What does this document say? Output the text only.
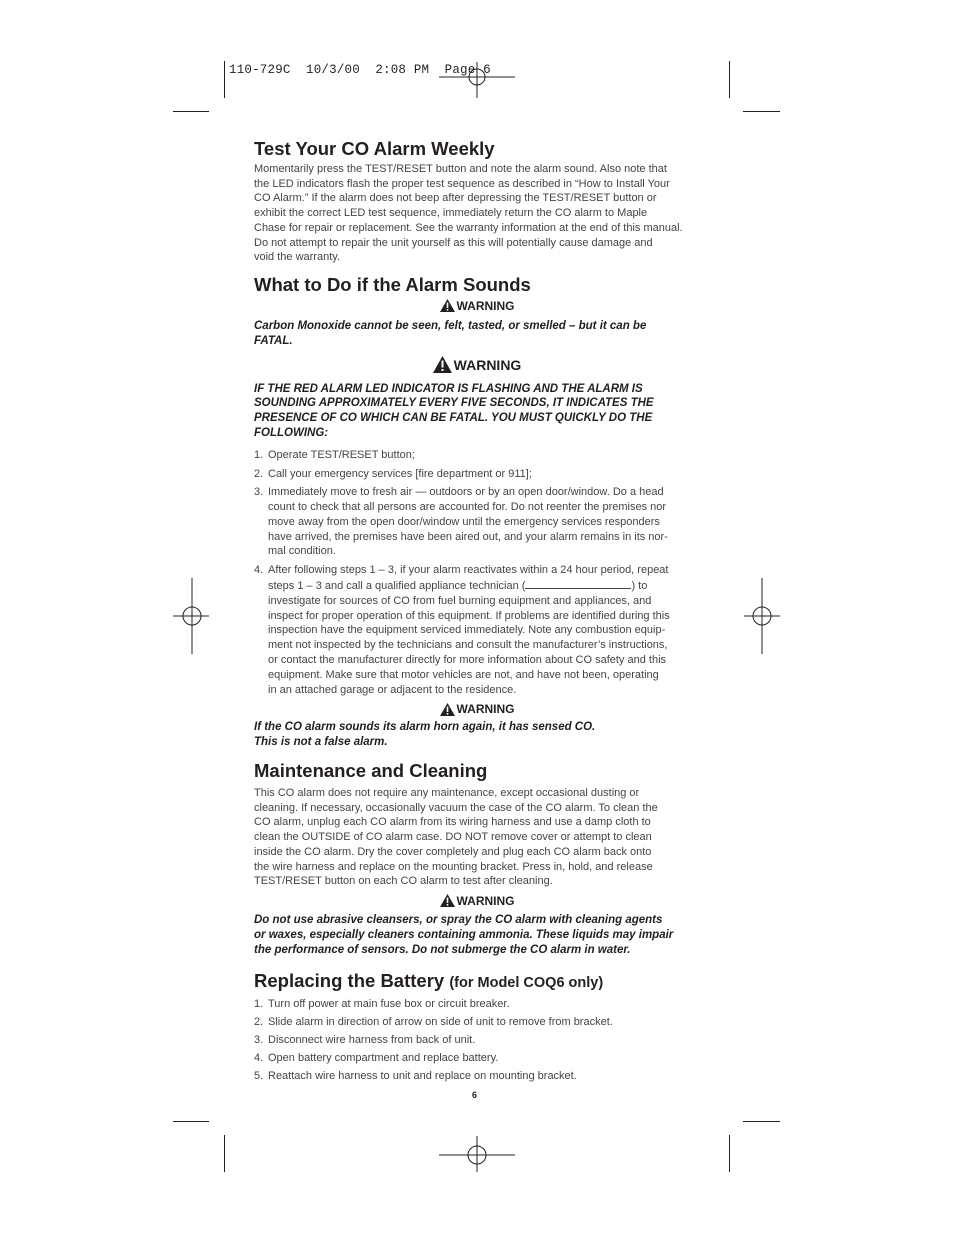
110-729C  10/3/00  2:08 PM  Page 6
Test Your CO Alarm Weekly

Momentarily press the TEST/RESET button and note the alarm sound. Also note that
the LED indicators flash the proper test sequence as described in “How to Install Your
CO Alarm.” If the alarm does not beep after depressing the TEST/RESET button or
exhibit the correct LED test sequence, immediately return the CO alarm to Maple
Chase for repair or replacement. See the warranty information at the end of this manual.
Do not attempt to repair the unit yourself as this will potentially cause damage and
void the warranty.

What to Do if the Alarm Sounds
WARNING

Carbon Monoxide cannot be seen, felt, tasted, or smelled – but it can be
FATAL.

WARNING

IF THE RED ALARM LED INDICATOR IS FLASHING AND THE ALARM IS
SOUNDING APPROXIMATELY EVERY FIVE SECONDS, IT INDICATES THE
PRESENCE OF CO WHICH CAN BE FATAL. YOU MUST QUICKLY DO THE
FOLLOWING:

1. Operate TEST/RESET button;
2. Call your emergency services [fire department or 911];
3. Immediately move to fresh air — outdoors or by an open door/window. Do a head
count to check that all persons are accounted for. Do not reenter the premises nor
move away from the open door/window until the emergency services responders
have arrived, the premises have been aired out, and your alarm remains in its nor-
mal condition.
4. After following steps 1 – 3, if your alarm reactivates within a 24 hour period, repeat
steps 1 – 3 and call a qualified appliance technician (	) to
investigate for sources of CO from fuel burning equipment and appliances, and
inspect for proper operation of this equipment. If problems are identified during this
inspection have the equipment serviced immediately. Note any combustion equip-
ment not inspected by the technicians and consult the manufacturer’s instructions,
or contact the manufacturer directly for more information about CO safety and this
equipment. Make sure that motor vehicles are not, and have not been, operating
in an attached garage or adjacent to the residence.
WARNING

If the CO alarm sounds its alarm horn again, it has sensed CO.
This is not a false alarm.

Maintenance and Cleaning

This CO alarm does not require any maintenance, except occasional dusting or
cleaning. If necessary, occasionally vacuum the case of the CO alarm. To clean the
CO alarm, unplug each CO alarm from its wiring harness and use a damp cloth to
clean the OUTSIDE of CO alarm case. DO NOT remove cover or attempt to clean
inside the CO alarm. Dry the cover completely and plug each CO alarm back onto
the wire harness and replace on the mounting bracket. Press in, hold, and release
TEST/RESET button on each CO alarm to test after cleaning.

WARNING

Do not use abrasive cleansers, or spray the CO alarm with cleaning agents
or waxes, especially cleaners containing ammonia. These liquids may impair
the performance of sensors. Do not submerge the CO alarm in water.

Replacing the Battery (for Model COQ6 only)
1. Turn off power at main fuse box or circuit breaker.
2. Slide alarm in direction of arrow on side of unit to remove from bracket.
3. Disconnect wire harness from back of unit.
4. Open battery compartment and replace battery.
5. Reattach wire harness to unit and replace on mounting bracket.
6
